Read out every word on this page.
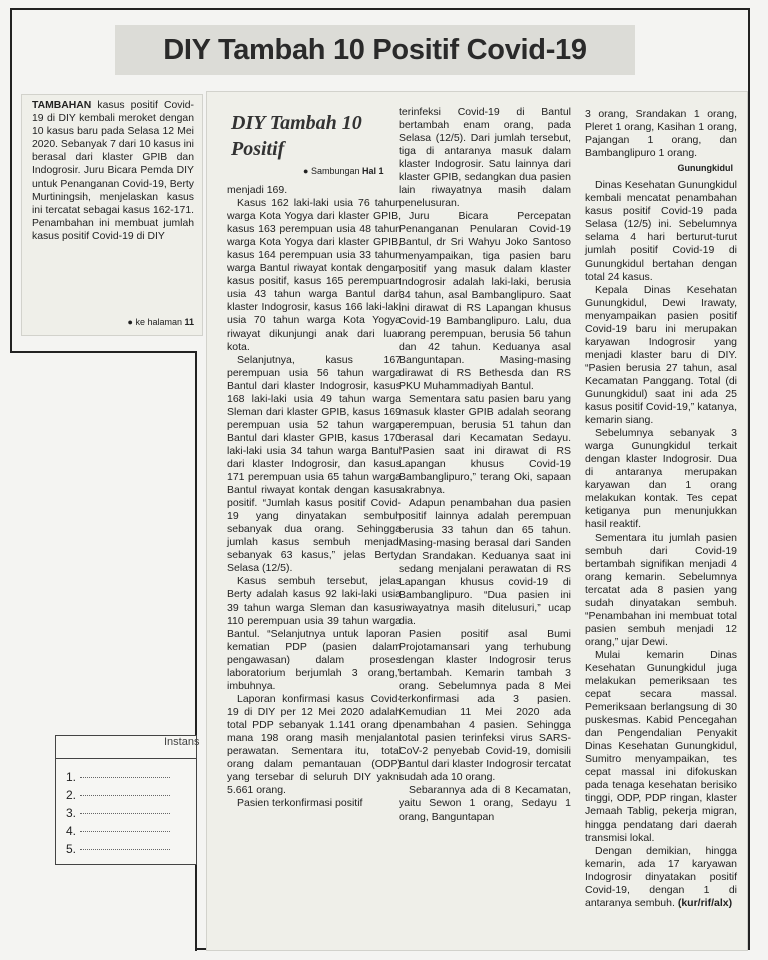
DIY Tambah 10 Positif Covid-19

TAMBAHAN kasus positif Covid-19 di DIY kembali meroket dengan 10 kasus baru pada Selasa 12 Mei 2020. Sebanyak 7 dari 10 kasus ini berasal dari klaster GPIB dan Indogrosir. Juru Bicara Pemda DIY untuk Penanganan Covid-19, Berty Murtiningsih, menjelaskan kasus ini tercatat sebagai kasus 162-171. Penambahan ini membuat jumlah kasus positif Covid-19 di DIY

● ke halaman 11
DIY Tambah 10
Positif
● Sambungan Hal 1

menjadi 169.

Kasus 162 laki-laki usia 76 tahun warga Kota Yogya dari klaster GPIB, kasus 163 perempuan usia 48 tahun warga Kota Yogya dari klaster GPIB, kasus 164 perempuan usia 33 tahun warga Bantul riwayat kontak dengan kasus positif, kasus 165 perempuan usia 43 tahun warga Bantul dari klaster Indogrosir, kasus 166 laki-laki usia 70 tahun warga Kota Yogya riwayat dikunjungi anak dari luar kota.

Selanjutnya, kasus 167 perempuan usia 56 tahun warga Bantul dari klaster Indogrosir, kasus 168 laki-laki usia 49 tahun warga Sleman dari klaster GPIB, kasus 169 perempuan usia 52 tahun warga Bantul dari klaster GPIB, kasus 170 laki-laki usia 34 tahun warga Bantul dari klaster Indogrosir, dan kasus 171 perempuan usia 65 tahun warga Bantul riwayat kontak dengan kasus positif. “Jumlah kasus positif Covid-19 yang dinyatakan sembuh sebanyak dua orang. Sehingga jumlah kasus sembuh menjadi sebanyak 63 kasus,” jelas Berty, Selasa (12/5).

Kasus sembuh tersebut, jelas Berty adalah kasus 92 laki-laki usia 39 tahun warga Sleman dan kasus 110 perempuan usia 39 tahun warga Bantul. “Selanjutnya untuk laporan kematian PDP (pasien dalam pengawasan) dalam proses laboratorium berjumlah 3 orang,” imbuhnya.

Laporan konfirmasi kasus Covid-19 di DIY per 12 Mei 2020 adalah total PDP sebanyak 1.141 orang di mana 198 orang masih menjalani perawatan. Sementara itu, total orang dalam pemantauan (ODP) yang tersebar di seluruh DIY yakni 5.661 orang.

Pasien terkonfirmasi positif

terinfeksi Covid-19 di Bantul bertambah enam orang, pada Selasa (12/5). Dari jumlah tersebut, tiga di antaranya masuk dalam klaster Indogrosir. Satu lainnya dari klaster GPIB, sedangkan dua pasien lain riwayatnya masih dalam penelusuran.

Juru Bicara Percepatan Penanganan Penularan Covid-19 Bantul, dr Sri Wahyu Joko Santoso menyampaikan, tiga pasien baru positif yang masuk dalam klaster Indogrosir adalah laki-laki, berusia 34 tahun, asal Bambanglipuro. Saat ini dirawat di RS Lapangan khusus Covid-19 Bambanglipuro. Lalu, dua orang perempuan, berusia 56 tahun dan 42 tahun. Keduanya asal Banguntapan. Masing-masing dirawat di RS Bethesda dan RS PKU Muhammadiyah Bantul.

Sementara satu pasien baru yang masuk klaster GPIB adalah seorang perempuan, berusia 51 tahun dan berasal dari Kecamatan Sedayu. “Pasien saat ini dirawat di RS Lapangan khusus Covid-19 Bambanglipuro,” terang Oki, sapaan akrabnya.

Adapun penambahan dua pasien positif lainnya adalah perempuan berusia 33 tahun dan 65 tahun. Masing-masing berasal dari Sanden dan Srandakan. Keduanya saat ini sedang menjalani perawatan di RS Lapangan khusus covid-19 di Bambanglipuro. “Dua pasien ini riwayatnya masih ditelusuri,” ucap dia.

Pasien positif asal Bumi Projotamansari yang terhubung dengan klaster Indogrosir terus bertambah. Kemarin tambah 3 orang. Sebelumnya pada 8 Mei terkonfirmasi ada 3 pasien. Kemudian 11 Mei 2020 ada penambahan 4 pasien. Sehingga total pasien terinfeksi virus SARS-CoV-2 penyebab Covid-19, domisili Bantul dari klaster Indogrosir tercatat sudah ada 10 orang.

Sebarannya ada di 8 Kecamatan, yaitu Sewon 1 orang, Sedayu 1 orang, Banguntapan

3 orang, Srandakan 1 orang, Pleret 1 orang, Kasihan 1 orang, Pajangan 1 orang, dan Bambanglipuro 1 orang.

Gunungkidul

Dinas Kesehatan Gunungkidul kembali mencatat penambahan kasus positif Covid-19 pada Selasa (12/5) ini. Sebelumnya selama 4 hari berturut-turut jumlah positif Covid-19 di Gunungkidul bertahan dengan total 24 kasus.

Kepala Dinas Kesehatan Gunungkidul, Dewi Irawaty, menyampaikan pasien positif Covid-19 baru ini merupakan karyawan Indogrosir yang menjadi klaster baru di DIY. “Pasien berusia 27 tahun, asal Kecamatan Panggang. Total (di Gunungkidul) saat ini ada 25 kasus positif Covid-19,” katanya, kemarin siang.

Sebelumnya sebanyak 3 warga Gunungkidul terkait dengan klaster Indogrosir. Dua di antaranya merupakan karyawan dan 1 orang melakukan kontak. Tes cepat ketiganya pun menunjukkan hasil reaktif.

Sementara itu jumlah pasien sembuh dari Covid-19 bertambah signifikan menjadi 4 orang kemarin. Sebelumnya tercatat ada 8 pasien yang sudah dinyatakan sembuh. “Penambahan ini membuat total pasien sembuh menjadi 12 orang,” ujar Dewi.

Mulai kemarin Dinas Kesehatan Gunungkidul juga melakukan pemeriksaan tes cepat secara massal. Pemeriksaan berlangsung di 30 puskesmas. Kabid Pencegahan dan Pengendalian Penyakit Dinas Kesehatan Gunungkidul, Sumitro menyampaikan, tes cepat massal ini difokuskan pada tenaga kesehatan berisiko tinggi, ODP, PDP ringan, klaster Jemaah Tablig, pekerja migran, hingga pendatang dari daerah transmisi lokal.

Dengan demikian, hingga kemarin, ada 17 karyawan Indogrosir dinyatakan positif Covid-19, dengan 1 di antaranya sembuh. (kur/rif/alx)

Instans
1.
2.
3.
4.
5.
